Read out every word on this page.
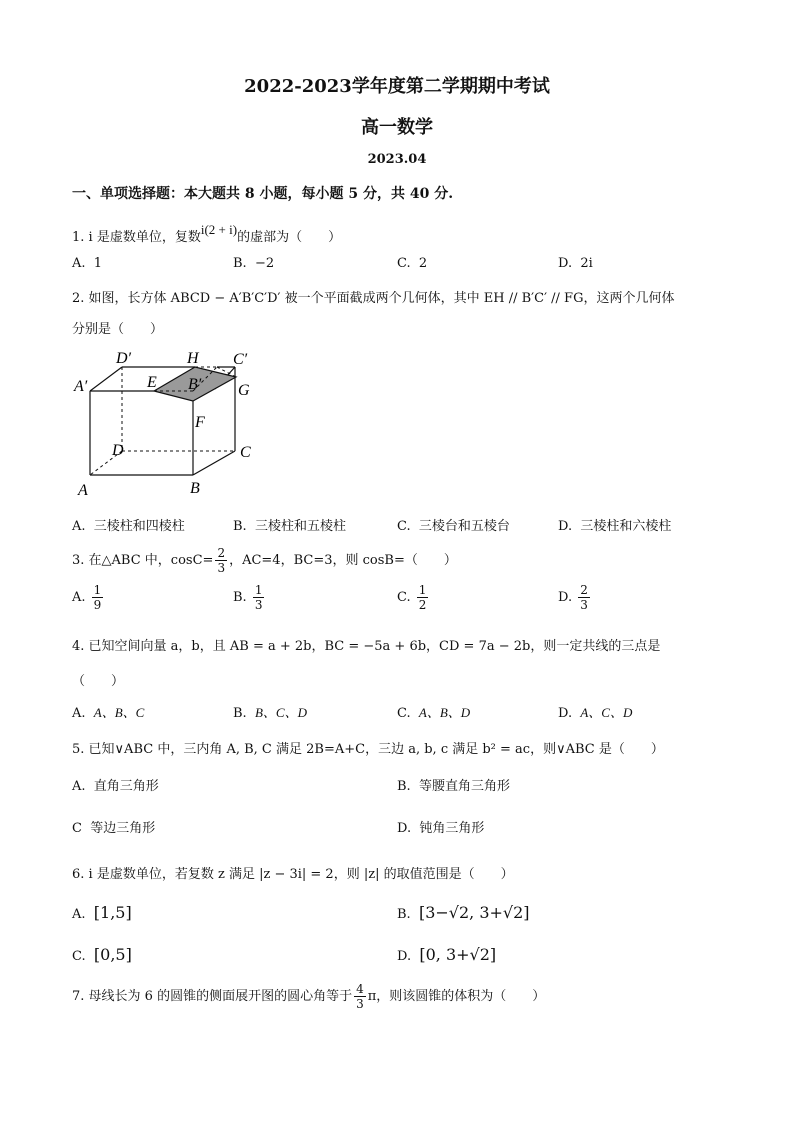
2022-2023学年度第二学期期中考试
高一数学
2023.04
一、单项选择题：本大题共 8 小题，每小题 5 分，共 40 分.
1. i 是虚数单位，复数i(2 + i)的虚部为（　　）
A. 1	B. −2	C. 2	D. 2i
2. 如图，长方体 ABCD − A′B′C′D′ 被一个平面截成两个几何体，其中 EH // B′C′ // FG，这两个几何体
分别是（　　）
D′	H C′
A′	E B′ G
F
D	C
A	B
A. 三棱柱和四棱柱	B. 三棱柱和五棱柱	C. 三棱台和五棱台	D. 三棱柱和六棱柱
3. 在△ABC 中，$\cos C= \frac{2}{3}$ ，AC=4，BC=3，则 cosB=（　　）
A. $\frac{1}{9}$	B. $\frac{1}{3}$	C. $\frac{1}{2}$	D. $\frac{2}{3}$
4. 已知空间向量 a，b，且 AB = a + 2b，BC = −5a + 6b，CD = 7a − 2b，则一定共线的三点是
（　　）
A. A、B、C	B. B、C、D	C. A、B、D	D. A、C、D
5. 已知∨ABC 中，三内角 A, B, C 满足 2B=A+C，三边 a, b, c 满足 b² = ac，则∨ABC 是（　　）
A. 直角三角形	B. 等腰直角三角形
C 等边三角形	D. 钝角三角形
6. i 是虚数单位，若复数 z 满足 |z − 3i| = 2，则 |z| 的取值范围是（　　）
A. [1,5]	B. [3−√2, 3+√2]
C. [0,5]	D. [0, 3+√2]
7. 母线长为 6 的圆锥的侧面展开图的圆心角等于 $\frac{4}{3}$ π，则该圆锥的体积为（　　）
